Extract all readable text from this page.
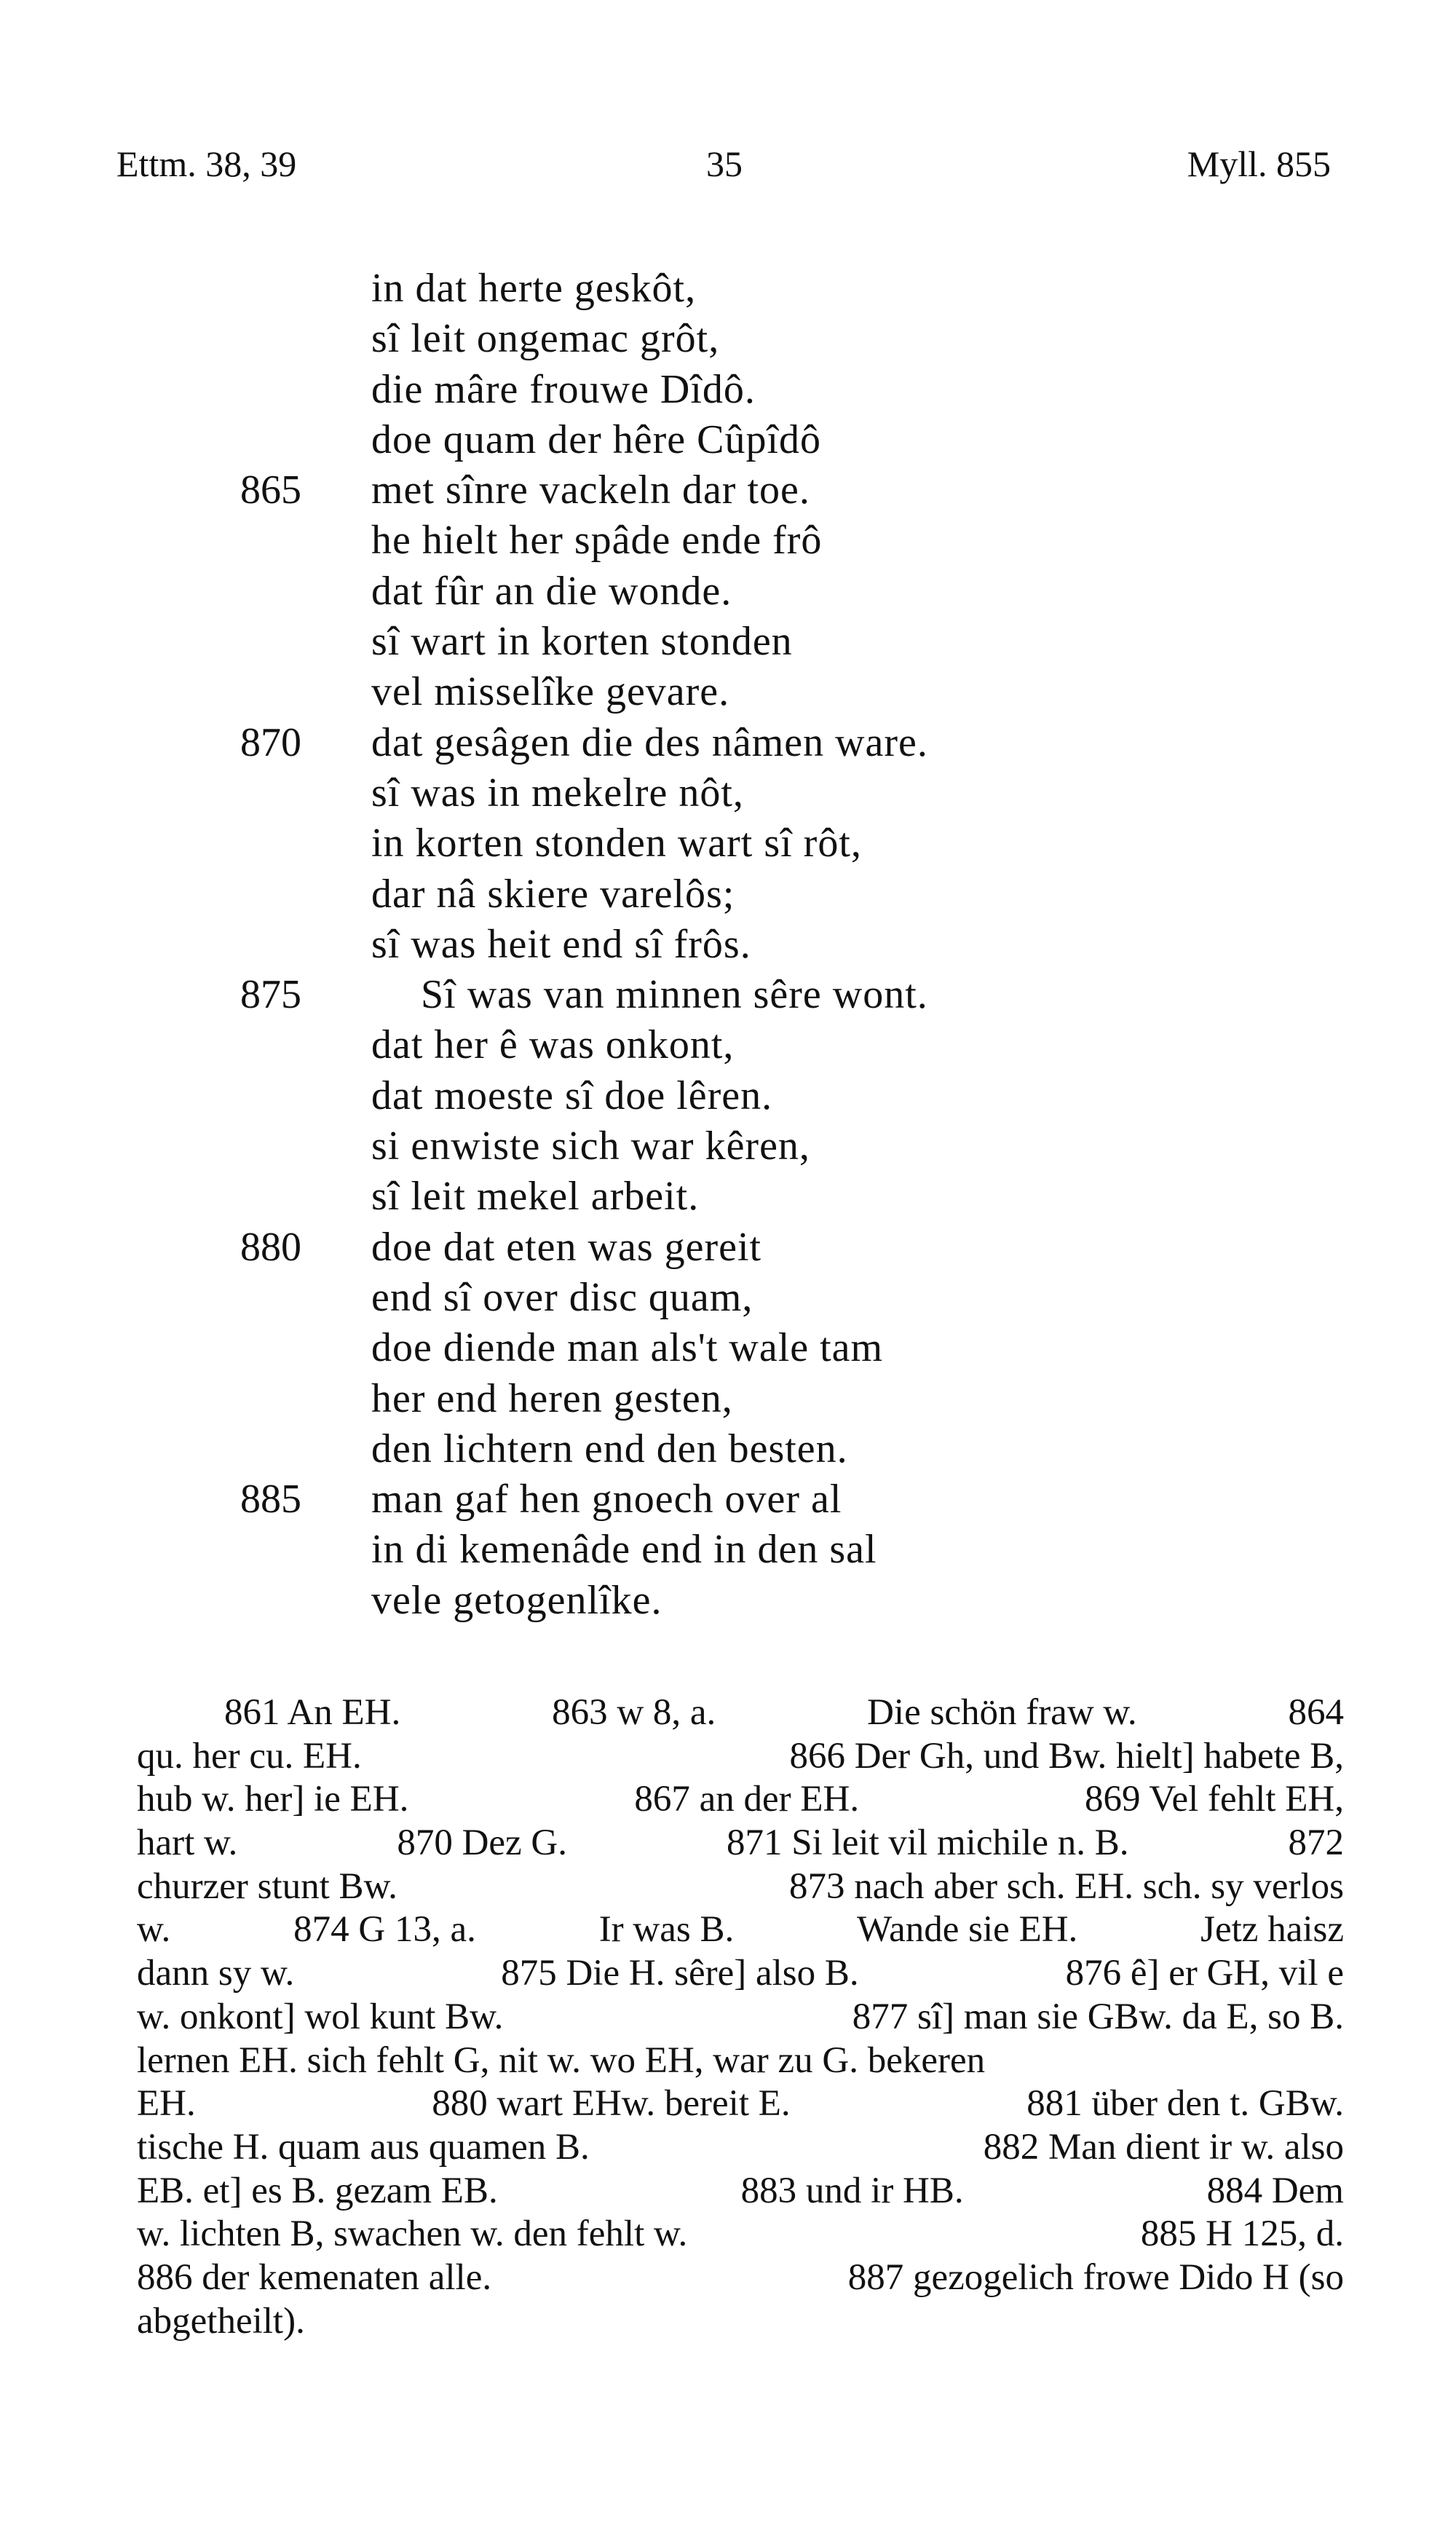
Ettm. 38, 39	35	Myll. 855
in dat herte geskôt,
sî leit ongemac grôt,
die mâre frouwe Dîdô.
doe quam der hêre Cûpîdô
865	met sînre vackeln dar toe.
he hielt her spâde ende frô
dat fûr an die wonde.
sî wart in korten stonden
vel misselîke gevare.
870	dat gesâgen die des nâmen ware.
sî was in mekelre nôt,
in korten stonden wart sî rôt,
dar nâ skiere varelôs;
sî was heit end sî frôs.
875	Sî was van minnen sêre wont.
dat her ê was onkont,
dat moeste sî doe lêren.
si enwiste sich war kêren,
sî leit mekel arbeit.
880	doe dat eten was gereit
end sî over disc quam,
doe diende man als't wale tam
her end heren gesten,
den lichtern end den besten.
885	man gaf hen gnoech over al
in di kemenâde end in den sal
vele getogenlîke.
861 An EH.	863 w 8, a.	Die schön fraw w.	864
qu. her cu. EH.	866 Der Gh, und Bw. hielt] habete B,
hub w. her] ie EH.	867 an der EH.	869 Vel fehlt EH,
hart w.	870 Dez G.	871 Si leit vil michile n. B.	872
churzer stunt Bw.	873 nach aber sch. EH. sch. sy verlos
w.	874 G 13, a.	Ir was B.	Wande sie EH.	Jetz haisz
dann sy w.	875 Die H. sêre] also B.	876 ê] er GH, vil e
w. onkont] wol kunt Bw.	877 sî] man sie GBw. da E, so B.
lernen EH. sich fehlt G, nit w. wo EH, war zu G. bekeren
EH.	880 wart EHw. bereit E.	881 über den t. GBw.
tische H. quam aus quamen B.	882 Man dient ir w. also
EB. et] es B. gezam EB.	883 und ir HB.	884 Dem
w. lichten B, swachen w. den fehlt w.	885 H 125, d.
886 der kemenaten alle.	887 gezogelich frowe Dido H (so
abgetheilt).
